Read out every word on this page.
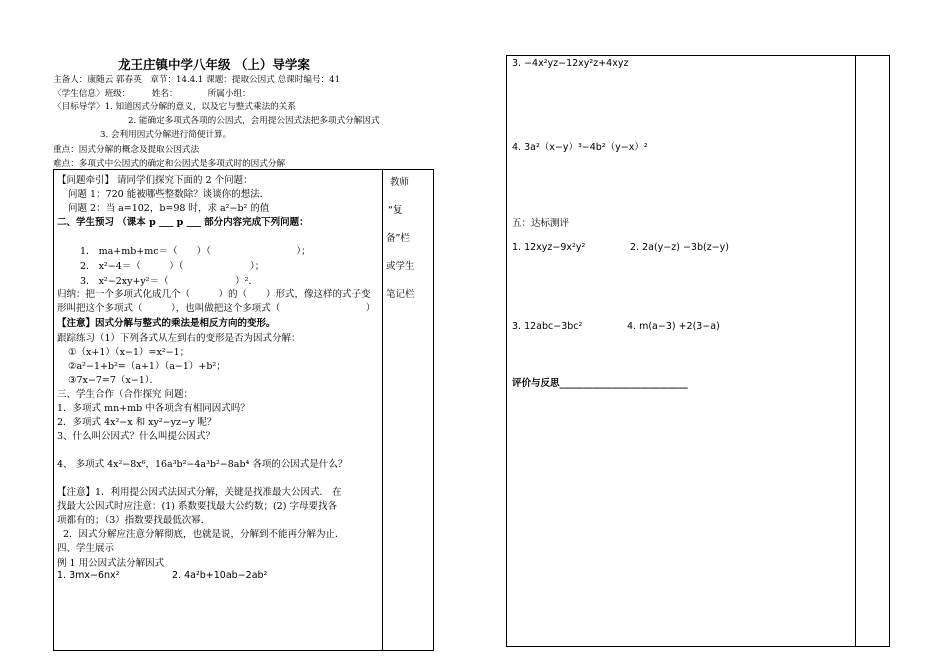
龙王庄镇中学八年级 （上）导学案
主备人：康随云 郭春英　章节：14.4.1 课题：提取公因式 总课时编号：41
〈学生信息〉班级：　　　姓名：　　　　所属小组：
〈目标导学〉1. 知道因式分解的意义，以及它与整式乘法的关系
2. 能确定多项式各项的公因式，会用提公因式法把多项式分解因式
3. 会利用因式分解进行简便计算。
重点：因式分解的概念及提取公因式法
难点：多项式中公因式的确定和公因式是多项式时的因式分解
教师
“复
备”栏
或学生
笔记栏
【问题牵引】 请同学们探究下面的 2 个问题：
问题 1：720 能被哪些整数除？谈谈你的想法．
问题 2：当 a=102，b=98 时，求 a²−b² 的值
二、学生预习 （课本 p ___ p ___ 部分内容完成下列问题：
1． ma+mb+mc＝（　　）（　　　　　　　　　）；
2． x²−4＝（　　　）（　　　　　　　）；
3． x²−2xy+y²＝（　　　　　　　）²．
归纳：把一个多项式化成几个（　　　）的（　　）形式，像这样的式子变
形叫把这个多项式（　　　），也叫做把这个多项式（　　　　　　　　　）
【注意】因式分解与整式的乘法是相反方向的变形。
跟踪练习（1）下列各式从左到右的变形是否为因式分解：
①（x+1）（x−1）=x²−1；
②a²−1+b²=（a+1）（a−1）+b²；
③7x−7=7（x−1）．
三、学生合作（合作探究 问题：
1．多项式 mn+mb 中各项含有相同因式吗？
2．多项式 4x²−x 和 xy²−yz−y 呢？
3、什么叫公因式？什么叫提公因式？
4、 多项式 4x²−8x⁶，16a³b²−4a³b²−8ab⁴ 各项的公因式是什么？
【注意】1．利用提公因式法因式分解，关键是找准最大公因式． 在
找最大公因式时应注意：(1) 系数要找最大公约数；(2) 字母要找各
项都有的；（3）指数要找最低次幂．
2．因式分解应注意分解彻底，也就是说，分解到不能再分解为止．
四、学生展示
例 1 用公因式法分解因式
1. 3mx−6nx²	2. 4a²b+10ab−2ab²
3. −4x²yz−12xy²z+4xyz
4. 3a²（x−y）³−4b²（y−x）²
五：达标测评
1. 12xyz−9x²y²	2. 2a(y−z) −3b(z−y)
3. 12abc−3bc²	4. m(a−3) +2(3−a)
评价与反思___________________________
